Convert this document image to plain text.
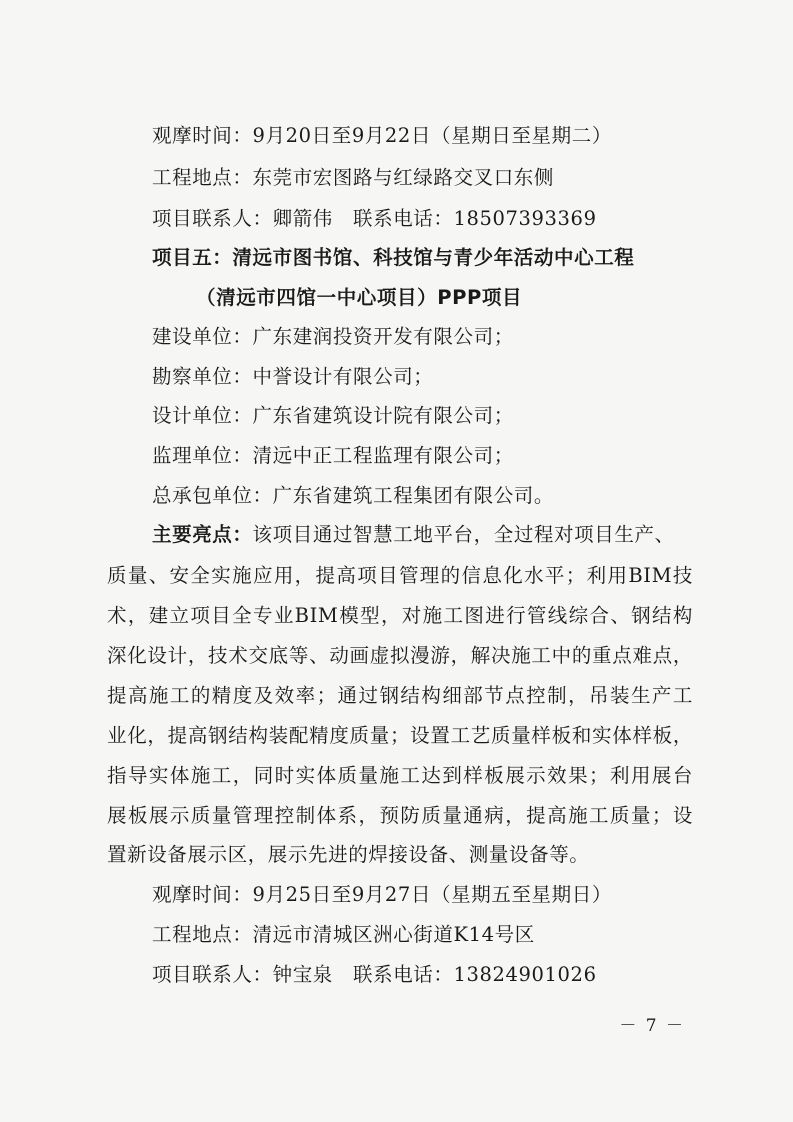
观摩时间：9月20日至9月22日（星期日至星期二）
工程地点：东莞市宏图路与红绿路交叉口东侧
项目联系人：卿箭伟　联系电话：18507393369
项目五：清远市图书馆、科技馆与青少年活动中心工程
（清远市四馆一中心项目）PPP项目
建设单位：广东建润投资开发有限公司；
勘察单位：中誉设计有限公司；
设计单位：广东省建筑设计院有限公司；
监理单位：清远中正工程监理有限公司；
总承包单位：广东省建筑工程集团有限公司。
主要亮点：该项目通过智慧工地平台，全过程对项目生产、
质量、安全实施应用，提高项目管理的信息化水平；利用BIM技
术，建立项目全专业BIM模型，对施工图进行管线综合、钢结构
深化设计，技术交底等、动画虚拟漫游，解决施工中的重点难点，
提高施工的精度及效率；通过钢结构细部节点控制，吊装生产工
业化，提高钢结构装配精度质量；设置工艺质量样板和实体样板，
指导实体施工，同时实体质量施工达到样板展示效果；利用展台
展板展示质量管理控制体系，预防质量通病，提高施工质量；设
置新设备展示区，展示先进的焊接设备、测量设备等。
观摩时间：9月25日至9月27日（星期五至星期日）
工程地点：清远市清城区洲心街道K14号区
项目联系人：钟宝泉　联系电话：13824901026
－ 7 －
